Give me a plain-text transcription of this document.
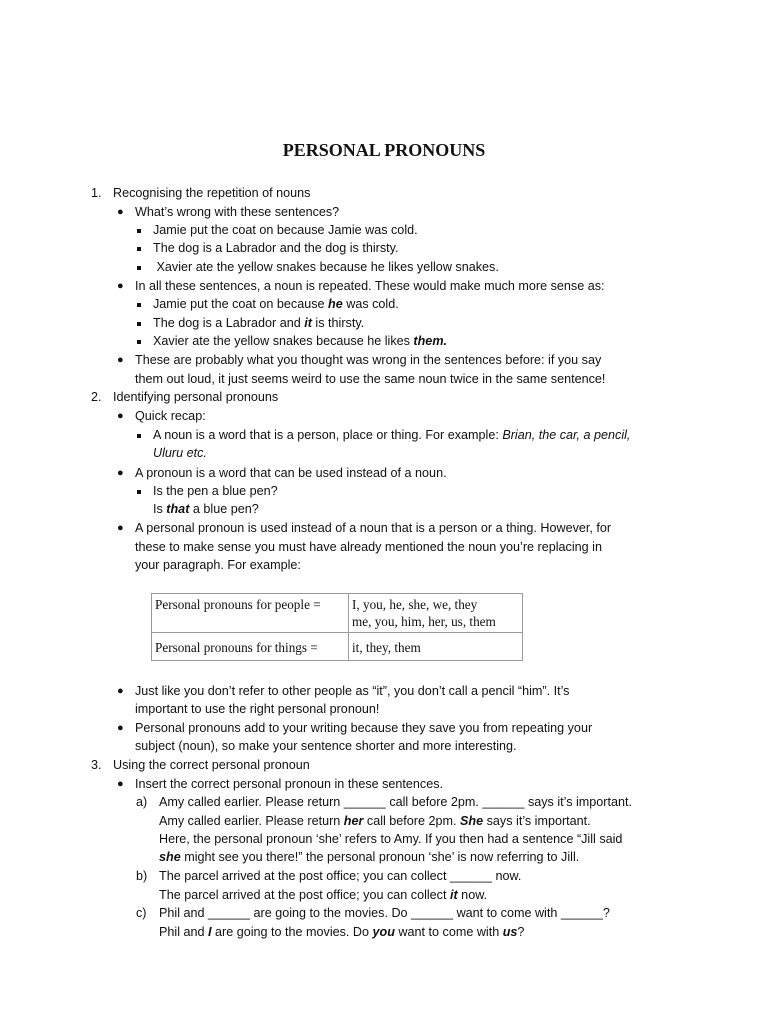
PERSONAL PRONOUNS
1. Recognising the repetition of nouns
● What’s wrong with these sentences?
Jamie put the coat on because Jamie was cold.
The dog is a Labrador and the dog is thirsty.
Xavier ate the yellow snakes because he likes yellow snakes.
● In all these sentences, a noun is repeated. These would make much more sense as:
Jamie put the coat on because he was cold.
The dog is a Labrador and it is thirsty.
Xavier ate the yellow snakes because he likes them.
● These are probably what you thought was wrong in the sentences before: if you say
them out loud, it just seems weird to use the same noun twice in the same sentence!
2. Identifying personal pronouns
● Quick recap:
A noun is a word that is a person, place or thing. For example: Brian, the car, a pencil,
Uluru etc.
● A pronoun is a word that can be used instead of a noun.
Is the pen a blue pen?
Is that a blue pen?
● A personal pronoun is used instead of a noun that is a person or a thing. However, for
these to make sense you must have already mentioned the noun you’re replacing in
your paragraph. For example:
Personal pronouns for people =	I, you, he, she, we, they
me, you, him, her, us, them
Personal pronouns for things =	it, they, them
● Just like you don’t refer to other people as “it”, you don’t call a pencil “him”. It’s
important to use the right personal pronoun!
● Personal pronouns add to your writing because they save you from repeating your
subject (noun), so make your sentence shorter and more interesting.
3. Using the correct personal pronoun
● Insert the correct personal pronoun in these sentences.
a) Amy called earlier. Please return ______ call before 2pm. ______ says it’s important.
Amy called earlier. Please return her call before 2pm. She says it’s important.
Here, the personal pronoun ‘she’ refers to Amy. If you then had a sentence “Jill said
she might see you there!” the personal pronoun ‘she’ is now referring to Jill.
b) The parcel arrived at the post office; you can collect ______ now.
The parcel arrived at the post office; you can collect it now.
c) Phil and ______ are going to the movies. Do ______ want to come with ______?
Phil and I are going to the movies. Do you want to come with us?
